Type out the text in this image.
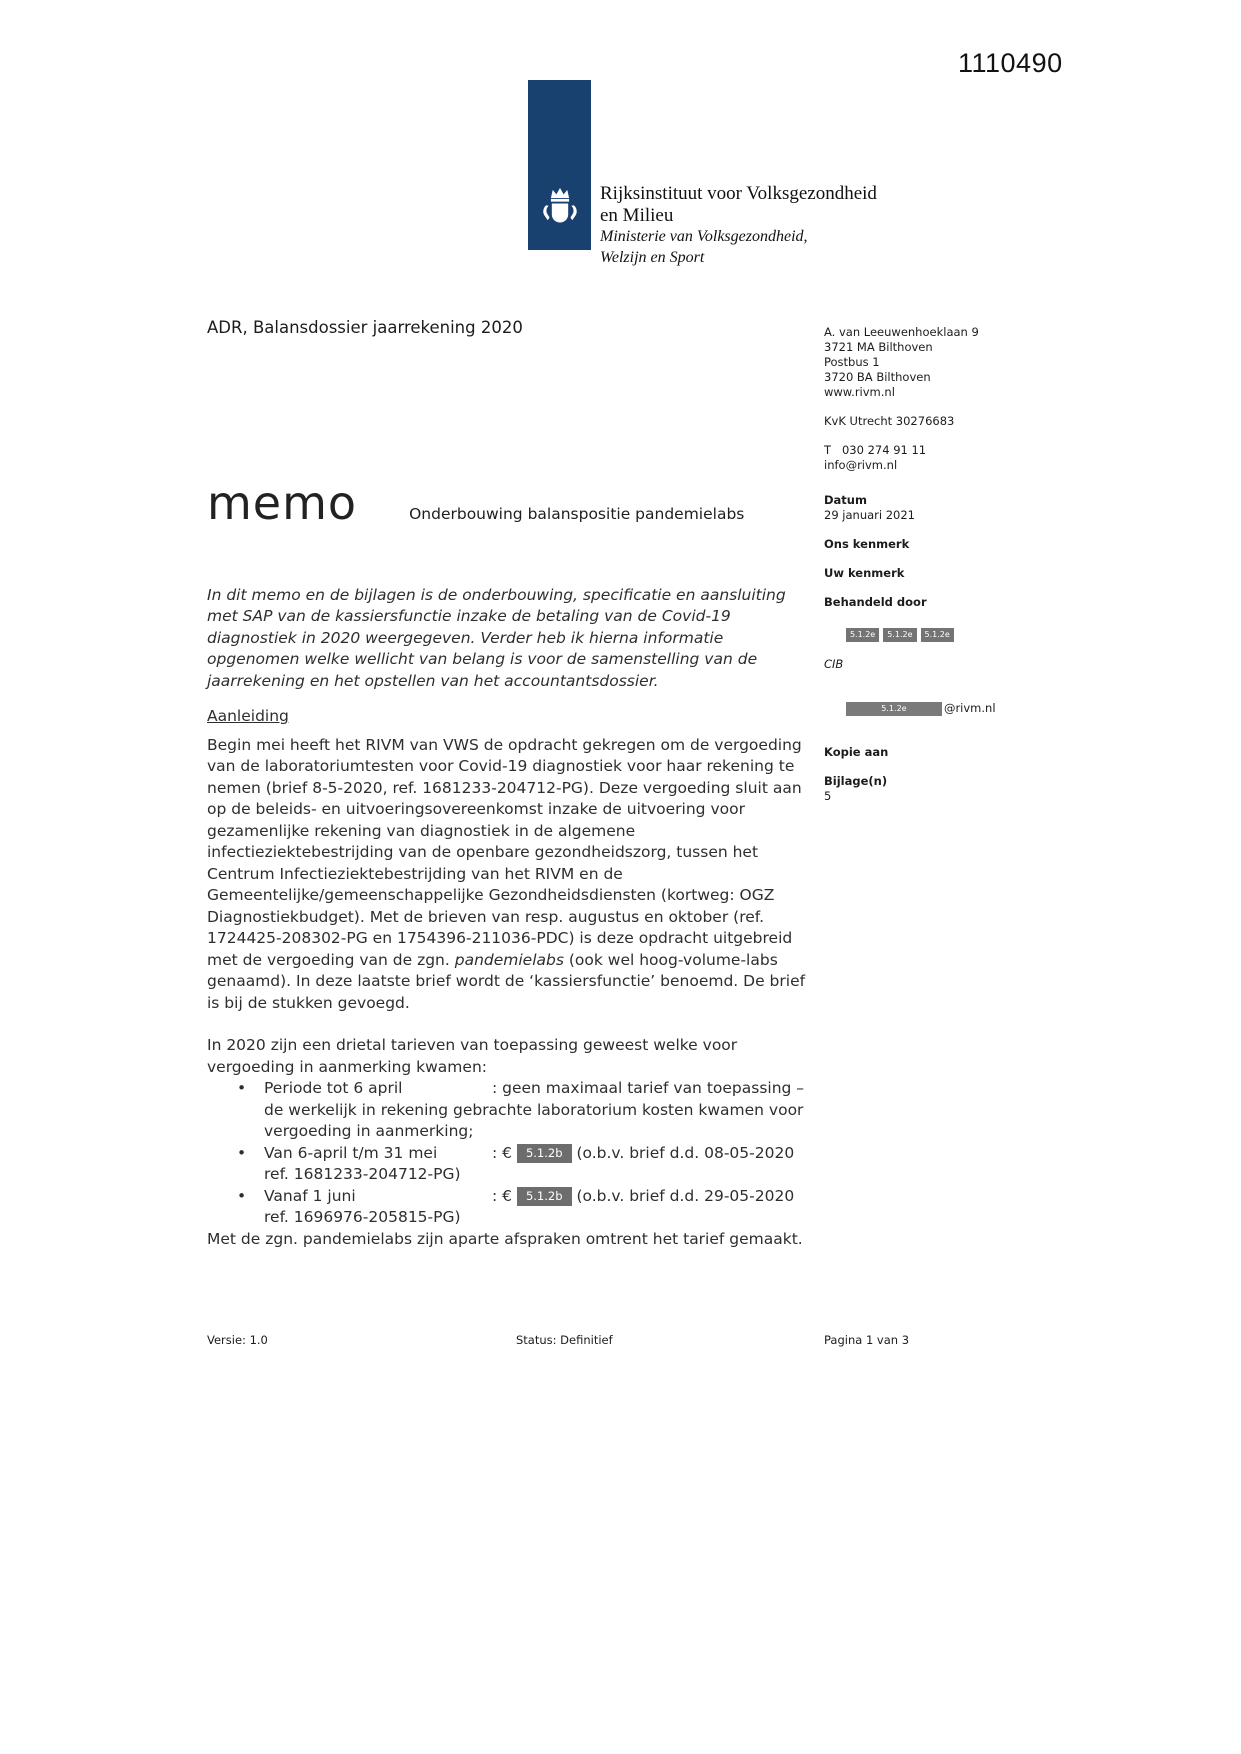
1110490
Rijksinstituut voor Volksgezondheid
en Milieu
Ministerie van Volksgezondheid,
Welzijn en Sport
ADR, Balansdossier jaarrekening 2020	A. van Leeuwenhoeklaan 9
3721 MA Bilthoven
Postbus 1
3720 BA Bilthoven
www.rivm.nl
KvK Utrecht 30276683
T   030 274 91 11
info@rivm.nl
Datum
29 januari 2021
Ons kenmerk
Uw kenmerk
Behandeld door

5.1.2e 5.1.2e 5.1.2e

CIB

5.1.2e	@rivm.nl

Kopie aan
Bijlage(n)
5
memo	Onderbouwing balanspositie pandemielabs

In dit memo en de bijlagen is de onderbouwing, specificatie en aansluiting met SAP van de kassiersfunctie inzake de betaling van de Covid-19 diagnostiek in 2020 weergegeven. Verder heb ik hierna informatie opgenomen welke wellicht van belang is voor de samenstelling van de jaarrekening en het opstellen van het accountantsdossier.

Aanleiding

Begin mei heeft het RIVM van VWS de opdracht gekregen om de vergoeding van de laboratoriumtesten voor Covid-19 diagnostiek voor haar rekening te nemen (brief 8-5-2020, ref. 1681233-204712-PG). Deze vergoeding sluit aan op de beleids- en uitvoeringsovereenkomst inzake de uitvoering voor gezamenlijke rekening van diagnostiek in de algemene infectieziektebestrijding van de openbare gezondheidszorg, tussen het Centrum Infectieziektebestrijding van het RIVM en de Gemeentelijke/gemeenschappelijke Gezondheidsdiensten (kortweg: OGZ Diagnostiekbudget). Met de brieven van resp. augustus en oktober (ref. 1724425-208302-PG en 1754396-211036-PDC) is deze opdracht uitgebreid met de vergoeding van de zgn. pandemielabs (ook wel hoog-volume-labs genaamd). In deze laatste brief wordt de ‘kassiersfunctie’ benoemd. De brief is bij de stukken gevoegd.

In 2020 zijn een drietal tarieven van toepassing geweest welke voor vergoeding in aanmerking kwamen:

• Periode tot 6 april	: geen maximaal tarief van toepassing – de werkelijk in rekening gebrachte laboratorium kosten kwamen voor vergoeding in aanmerking;
• Van 6-april t/m 31 mei	: € 5.1.2b (o.b.v. brief d.d. 08-05-2020 ref. 1681233-204712-PG)
• Vanaf 1 juni	: € 5.1.2b (o.b.v. brief d.d. 29-05-2020 ref. 1696976-205815-PG)

Met de zgn. pandemielabs zijn aparte afspraken omtrent het tarief gemaakt.

Versie: 1.0	Status: Definitief	Pagina 1 van 3
